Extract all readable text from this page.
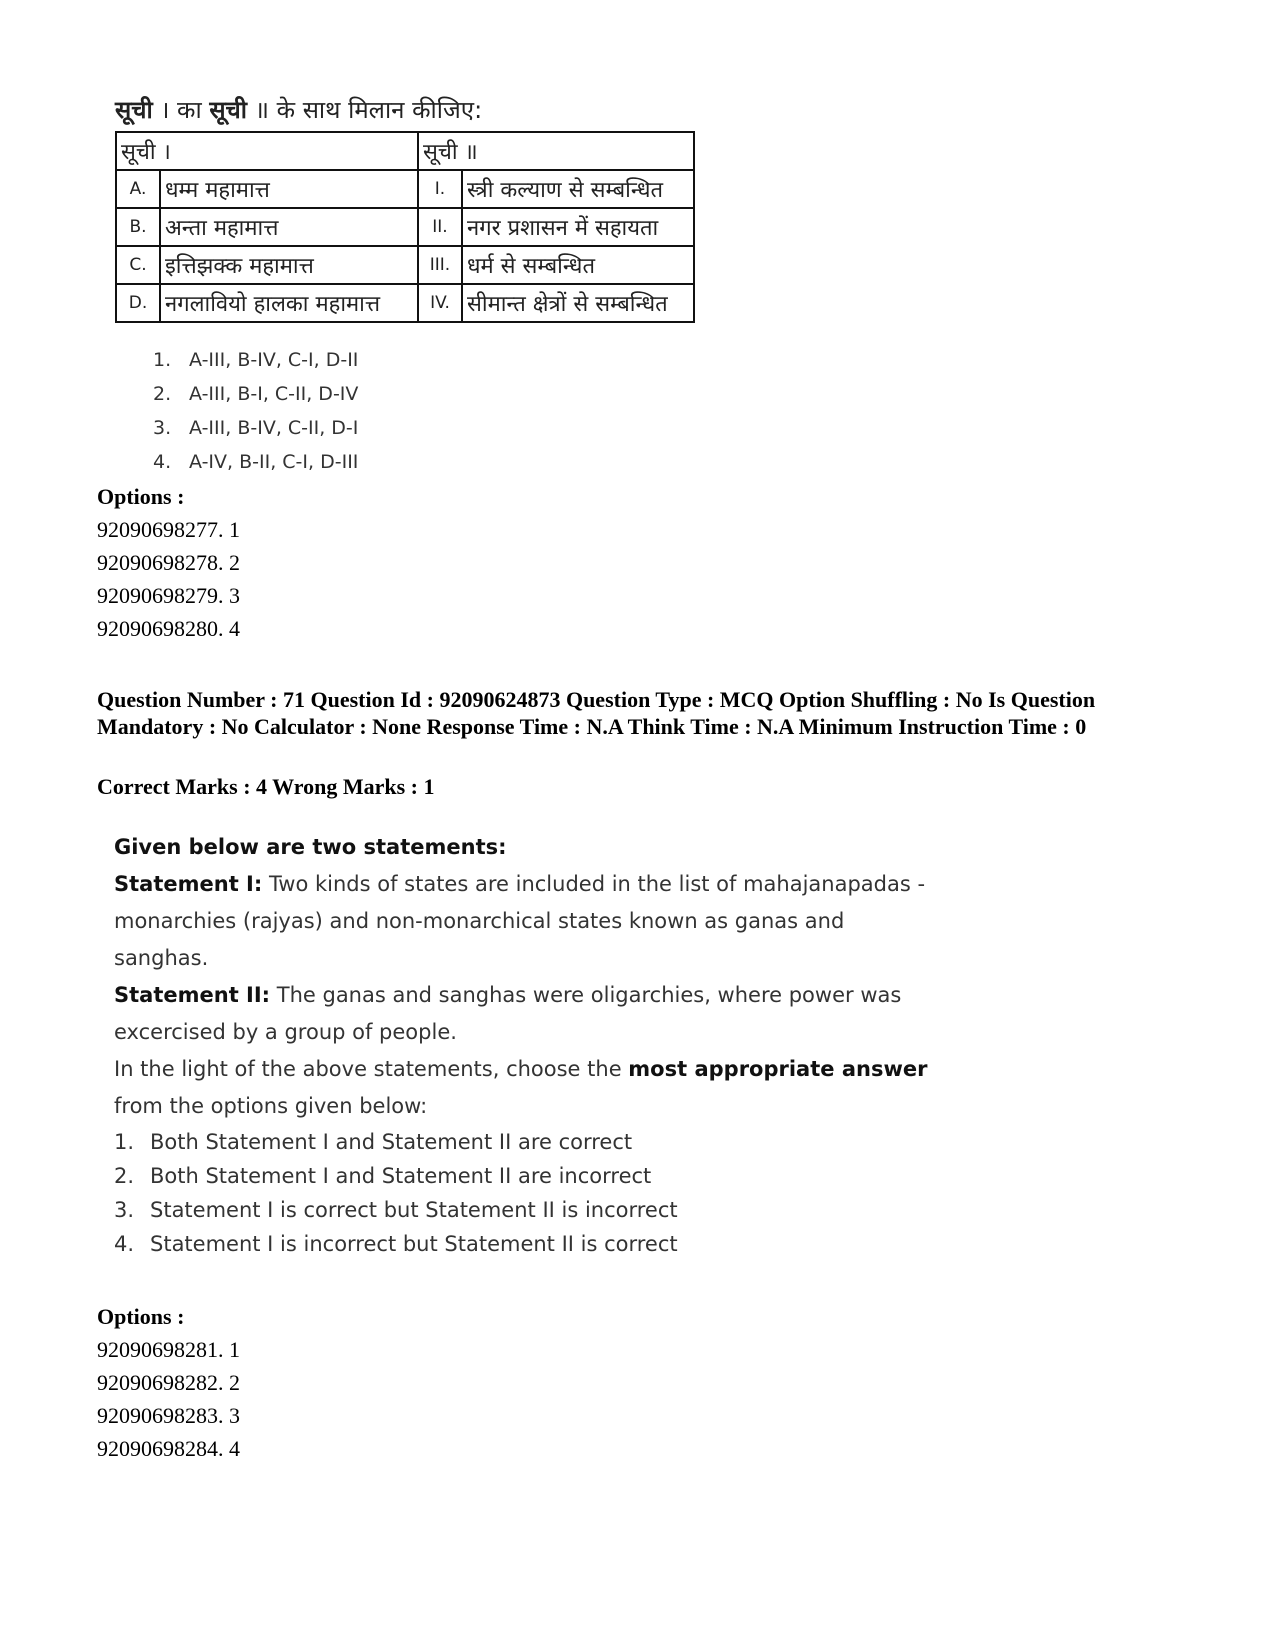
सूची । का सूची ॥ के साथ मिलान कीजिए:
सूची ।		सूची ॥	
A.	धम्म महामात्त	I.	स्त्री कल्याण से सम्बन्धित
B.	अन्ता महामात्त	II.	नगर प्रशासन में सहायता
C.	इत्तिझक्क महामात्त	III.	धर्म से सम्बन्धित
D.	नगलावियो हालका महामात्त	IV.	सीमान्त क्षेत्रों से सम्बन्धित
1. A-III, B-IV, C-I, D-II
2. A-III, B-I, C-II, D-IV
3. A-III, B-IV, C-II, D-I
4. A-IV, B-II, C-I, D-III
Options :
92090698277. 1
92090698278. 2
92090698279. 3
92090698280. 4
Question Number : 71 Question Id : 92090624873 Question Type : MCQ Option Shuffling : No Is Question Mandatory : No Calculator : None Response Time : N.A Think Time : N.A Minimum Instruction Time : 0
Correct Marks : 4 Wrong Marks : 1

Given below are two statements:

Statement I: Two kinds of states are included in the list of mahajanapadas - monarchies (rajyas) and non-monarchical states known as ganas and sanghas.

Statement II: The ganas and sanghas were oligarchies, where power was excercised by a group of people.

In the light of the above statements, choose the most appropriate answer from the options given below:

1. Both Statement I and Statement II are correct
2. Both Statement I and Statement II are incorrect
3. Statement I is correct but Statement II is incorrect
4. Statement I is incorrect but Statement II is correct
Options :
92090698281. 1
92090698282. 2
92090698283. 3
92090698284. 4
